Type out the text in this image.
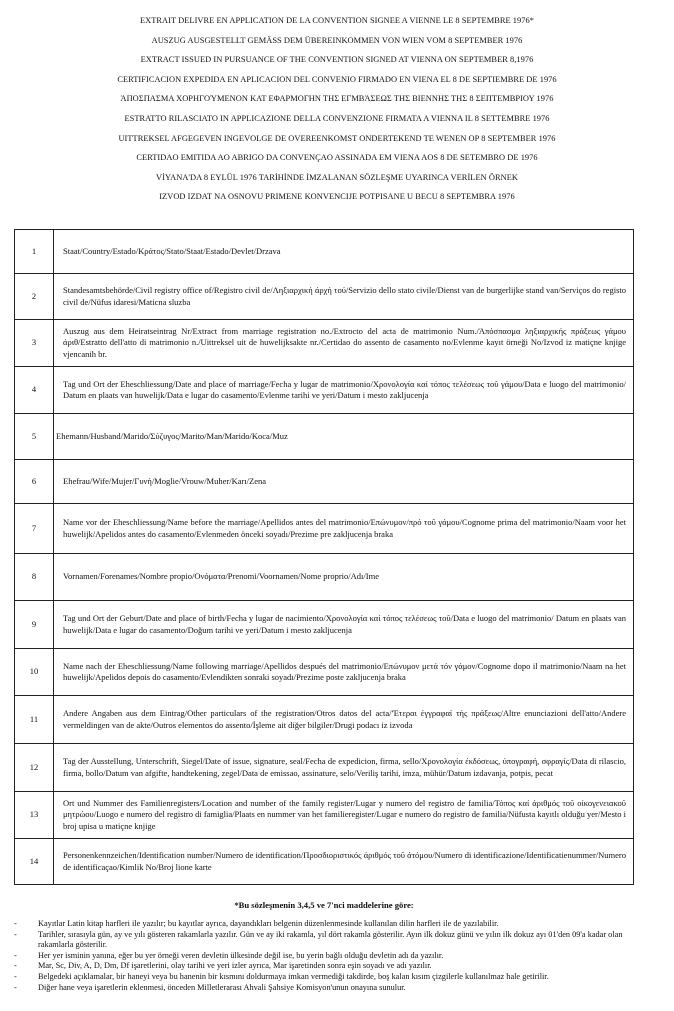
EXTRAIT DELIVRE EN APPLICATION DE LA CONVENTION SIGNEE A VIENNE LE 8 SEPTEMBRE 1976*
AUSZUG AUSGESTELLT GEMÄSS DEM ÜBEREINKOMMEN VON WIEN VOM 8 SEPTEMBER 1976
EXTRACT ISSUED IN PURSUANCE OF THE CONVENTION SIGNED AT VIENNA ON SEPTEMBER 8,1976
CERTIFICACION EXPEDIDA EN APLICACION DEL CONVENIO FIRMADO EN VIENA EL 8 DE SEPTIEMBRE DE 1976
ΆΠΟΣΠΑΣΜΑ ΧΟΡΗΓΟΎΜΕΝΟΝ ΚΑΤ ΕΦΑΡΜΟΓΗΝ ΤΗΣ ΕΓΜΒΆΣΕΩΣ ΤΗΣ ΒΙΕΝΝΗΣ ΤΗΣ 8 ΣΕΠΤΕΜΒΡΙΟΥ 1976
ESTRATTO RILASCIATO IN APPLICAZIONE DELLA CONVENZIONE FIRMATA A VIENNA IL 8 SETTEMBRE 1976
UITTREKSEL AFGEGEVEN INGEVOLGE DE OVEREENKOMST ONDERTEKEND TE WENEN OP 8 SEPTEMBER 1976
CERTIDAO EMITIDA AO ABRIGO DA CONVENÇAO ASSINADA EM VIENA AOS 8 DE SETEMBRO DE 1976
VİYANA'DA 8 EYLÜL 1976 TARİHİNDE İMZALANAN SÖZLEŞME UYARINCA VERİLEN ÖRNEK
IZVOD IZDAT NA OSNOVU PRIMENE KONVENCIJE POTPISANE U BECU 8 SEPTEMBRA 1976
1	Staat/Country/Estado/Κράτος/Stato/Staat/Estado/Devlet/Drzava
2	Standesamtsbehörde/Civil registry office of/Registro civil de/Ληξιαρχική άρχή τού/Servizio dello stato civile/Dienst van de burgerlijke stand van/Serviços do registo civil de/Nüfus idaresi/Maticna sluzba
3	Auszug aus dem Heiratseintrag Nr/Extract from marriage registration no./Extrocto del acta de matrimonio Num./Άπόσπασμα ληξιαρχικής πράξεως γάμου άριθ/Estratto dell'atto di matrimonio n./Uittreksel uit de huwelijksakte nr./Certidao do assento de casamento no/Evlenme kayıt örneği No/Izvod iz matiçne knjige vjencanih br.
4	Tag und Ort der Eheschliessung/Date and place of marriage/Fecha y lugar de matrimonio/Χρονολογία καί τόπος τελέσεως τοῦ γάμου/Data e luogo del matrimonio/ Datum en plaats van huwelijk/Data e lugar do casamento/Evlenme tarihi ve yeri/Datum i mesto zakljucenja
5	Ehemann/Husband/Marido/Σύζυγος/Marito/Man/Marido/Koca/Muz
6	Ehefrau/Wife/Mujer/Γυνή/Moglie/Vrouw/Muher/Karı/Zena
7	Name vor der Eheschliessung/Name before the marriage/Apellidos antes del matrimonio/Επώνυμον/πρό τοῦ γάμου/Cognome prima del matrimonio/Naam voor het huwelijk/Apelidos antes do casamento/Evlenmeden önceki soyadı/Prezime pre zakljucenja braka
8	Vornamen/Forenames/Nombre propio/Ονόματα/Prenomi/Voornamen/Nome proprio/Adı/Ime
9	Tag und Ort der Geburt/Date and place of birth/Fecha y lugar de nacimiento/Χρονολογία καί τόπος τελέσεως τοῦ/Data e luogo del matrimonio/ Datum en plaats van huwelijk/Data e lugar do casamento/Doğum tarihi ve yeri/Datum i mesto zakljucenja
10	Name nach der Eheschliessung/Name following marriage/Apellidos después del matrimonio/Επώνυμον μετά τόν γάμον/Cognome dopo il matrimonio/Naam na het huwelijk/Apelidos depois do casamento/Evlendikten sonraki soyadı/Prezime poste zakljucenja braka
11	Andere Angaben aus dem Eintrag/Other particulars of the registration/Otros datos del acta/'Έτεραι έγγραφαί τής πράξεως/Altre enunciazioni dell'atto/Andere vermeldingen van de akte/Outros elementos do assento/İşleme ait diğer bilgiler/Drugi podacı iz izvoda
12	Tag der Ausstellung, Unterschrift, Siegel/Date of issue, signature, seal/Fecha de expedicion, firma, sello/Χρονολογία έκδόσεως, ύπογραφή, σφραγίς/Data di rilascio, firma, bollo/Datum van afgifte, handtekening, zegel/Data de emissao, assinature, selo/Veriliş tarihi, imza, mühür/Datum izdavanja, potpis, pecat
13	Ort und Nummer des Familienregisters/Location and number of the family register/Lugar y numero del registro de familia/Τόπος καί άριθμός τοῦ οίκογενειακοῦ μητρώου/Luogo e numero del registro di famiglia/Plaats en nummer van het familieregister/Lugar e numero do registro de familia/Nüfusta kayıtlı olduğu yer/Mesto i broj upisa u matiçne knjige
14	Personenkennzeichen/Identification number/Numero de identification/Προσδιοριστικός άριθμός τοῦ άτόμου/Numero di identificazione/Identificatienummer/Numero de identificaçao/Kimlik No/Broj lione karte
*Bu sözleşmenin 3,4,5 ve 7'nci maddelerine göre:
-	Kayıtlar Latin kitap harfleri ile yazılır; bu kayıtlar ayrıca, dayandıkları belgenin düzenlenmesinde kullanılan dilin harfleri ile de yazılabilir.
-	Tarihler, sırasıyla gün, ay ve yılı gösteren rakamlarla yazılır. Gün ve ay iki rakamla, yıl dört rakamla gösterilir. Ayın ilk dokuz günü ve yılın ilk dokuz ayı 01'den 09'a kadar olan rakamlarla gösterilir.
-	Her yer isminin yanına, eğer bu yer örneği veren devletin ülkesinde değil ise, bu yerin bağlı olduğu devletin adı da yazılır.
-	Mar, Sc, Div, A, D, Dm, Df işaretlerini, olay tarihi ve yeri izler ayrıca, Mar işaretinden sonra eşin soyadı ve adı yazılır.
-	Belgedeki açıklamalar, bir haneyi veya bu hanenin bir kısmını doldurmaya imkan vermediği takdirde, boş kalan kısım çizgilerle kullanılmaz hale getirilir.
-	Diğer hane veya işaretlerin eklenmesi, önceden Milletlerarası Ahvali Şahsiye Komisyon'unun onayına sunulur.
